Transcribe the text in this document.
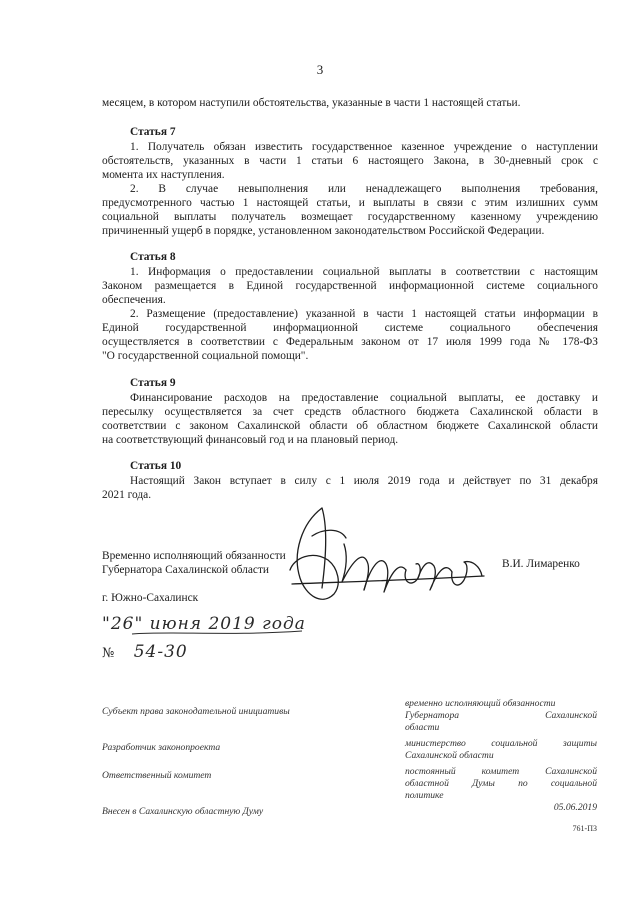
3
месяцем, в котором наступили обстоятельства, указанные в части 1 настоящей статьи.
Статья 7
1. Получатель обязан известить государственное казенное учреждение о наступлении
обстоятельств, указанных в части 1 статьи 6 настоящего Закона, в 30-дневный срок с
момента их наступления.
2. В случае невыполнения или ненадлежащего выполнения требования,
предусмотренного частью 1 настоящей статьи, и выплаты в связи с этим излишних сумм
социальной выплаты получатель возмещает государственному казенному учреждению
причиненный ущерб в порядке, установленном законодательством Российской Федерации.
Статья 8
1. Информация о предоставлении социальной выплаты в соответствии с настоящим
Законом размещается в Единой государственной информационной системе социального
обеспечения.
2. Размещение (предоставление) указанной в части 1 настоящей статьи информации в
Единой государственной информационной системе социального обеспечения
осуществляется в соответствии с Федеральным законом от 17 июля 1999 года № 178-ФЗ
"О государственной социальной помощи".
Статья 9
Финансирование расходов на предоставление социальной выплаты, ее доставку и
пересылку осуществляется за счет средств областного бюджета Сахалинской области в
соответствии с законом Сахалинской области об областном бюджете Сахалинской области
на соответствующий финансовый год и на плановый период.
Статья 10
Настоящий Закон вступает в силу с 1 июля 2019 года и действует по 31 декабря
2021 года.
Временно исполняющий обязанности
Губернатора Сахалинской области	В.И. Лимаренко
г. Южно-Сахалинск
"26" июня 2019 года
№ 54-30
Субъект права законодательной инициативы
временно исполняющий обязанности
Губернатора Сахалинской
области
Разработчик законопроекта	министерство социальной защиты
Сахалинской области
Ответственный комитет	постоянный комитет Сахалинской
областной Думы по социальной
политике
Внесен в Сахалинскую областную Думу	05.06.2019
761-ПЗ
